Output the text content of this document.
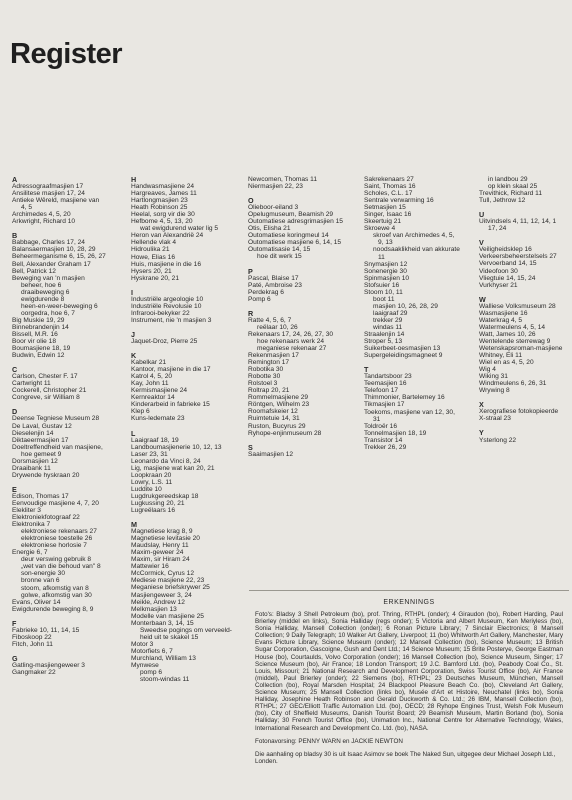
Register
A
Adressograafmasjien 17
Ansilitese masjien 17, 24
Antieke Wêreld, masjiene van
4, 5
Archimedes 4, 5, 20
Arkwright, Richard 10
B
Babbage, Charles 17, 24
Balansaermasjien 10, 28, 29
Beheermeganisme 6, 15, 26, 27
Bell, Alexander Graham 17
Bell, Patrick 12
Beweging van 'n masjien
beheer, hoe 6
draaibeweging 6
ewigdurende 8
heen-en-weer-beweging 6
oorgedra, hoe 6, 7
Big Muskie 19, 29
Binnebrandenjin 14
Bissell, M.R. 16
Boor vir olie 18
Boumasjiene 18, 19
Budwin, Edwin 12
C
Carlson, Chester F. 17
Cartwright 11
Cockerell, Christopher 21
Congreve, sir William 8
D
Deense Tegniese Museum 28
De Laval, Gustav 12
Dieselenjin 14
Diktaeermasjien 17
Doeltreffendheid van masjiene,
hoe gemeet 9
Dorsmasjien 12
Draaibank 11
Drywende hyskraan 20
E
Edison, Thomas 17
Eenvoudige masjiene 4, 7, 20
Elekliter 3
Elektroniekfotograaf 22
Elektronika 7
elektroniese rekenaars 27
elektroniese toestelle 26
elektroniese horlosie 7
Energie 6, 7
deur verswing gebruik 8
„wet van die behoud van" 8
son-energie 30
bronne van 6
stoom, afkomstig van 8
golwe, afkomstig van 30
Evans, Oliver 14
Ewigdurende beweging 8, 9
F
Fabrieke 10, 11, 14, 15
Fiboskoop 22
Fitch, John 11
G
Gatling-masjiengeweer 3
Gangmaker 22
H
Handwasmasjiene 24
Hargreaves, James 11
Hartlongmasjien 23
Heath Robinson 25
Heelal, sorg vir die 30
Hefbome 4, 5, 13, 20
wat ewigdurend water lig 5
Heron van Alexandrië 24
Hellende vlak 4
Hidroulika 21
Howe, Elias 16
Huis, masjiene in die 16
Hysers 20, 21
Hyskrane 20, 21
I
Industriële argeologie 10
Industriële Revolusie 10
Infrarooi-bekyker 22
Instrument, nie 'n masjien 3
J
Jaquet-Droz, Pierre 25
K
Kabelkar 21
Kantoor, masjiene in die 17
Katrol 4, 5, 20
Kay, John 11
Kermismasjiene 24
Kernreaktor 14
Kinderarbeid in fabrieke 15
Klep 6
Kuns-ledemate 23
L
Laaigraaf 18, 19
Landboumasjienerie 10, 12, 13
Laser 23, 31
Leonardo da Vinci 8, 24
Lig, masjiene wat kan 20, 21
Loopkraan 20
Lowry, L.S. 11
Luddite 10
Lugdrukgereedskap 18
Lugkussing 20, 21
Lugreëlaars 16
M
Magnetiese krag 8, 9
Magnetiese levitasie 20
Maudslay, Henry 11
Maxim-geweer 24
Maxim, sir Hiram 24
Mattewier 16
McCormick, Cyrus 12
Mediese masjiene 22, 23
Meganiese briefskrywer 25
Masjiengeweer 3, 24
Meikle, Andrew 12
Melkmasjien 13
Modelle van masjiene 25
Monterbaan 3, 14, 15
Sweedse pogings om verveeld-
heid uit te skakel 15
Motor 3
Motorfiets 6, 7
Murchland, William 13
Mynwese
pomp 6
stoom-windas 11
Newcomen, Thomas 11
Niermasjien 22, 23
O
Olieboor-eiland 3
Opelugmuseum, Beamish 29
Outomatiese adresgrimasjien 15
Otis, Elisha 21
Outomatiese koringmeul 14
Outomatiese masjiene 6, 14, 15
Outomatisasie 14, 15
hoe dit werk 15
P
Pascal, Blaise 17
Paté, Ambroise 23
Perdekrag 6
Pomp 6
R
Ratte 4, 5, 6, 7
reëlaar 10, 26
Rekenaars 17, 24, 26, 27, 30
hoe rekenaars werk 24
meganiese rekenaar 27
Rekenmasjien 17
Remington 17
Robotika 30
Robotte 30
Rolstoel 3
Roltrap 20, 21
Rommelmasjiene 29
Röntgen, Wilhelm 23
Roomafskeier 12
Ruimtetuie 14, 31
Ruston, Bucyrus 29
Ryhope-enjinmuseum 28
S
Saaimasjien 12
Sakrekenaars 27
Saint, Thomas 16
Scholes, C.L. 17
Sentrale verwarming 16
Setmasjien 15
Singer, Isaac 16
Skeertuig 21
Skroewe 4
skroef van Archimedes 4, 5,
9, 13
noodsaaklikheid van akkurate
11
Snymasjien 12
Sonenergie 30
Spinmasjien 10
Stofsuier 16
Stoom 10, 11
boot 11
masjien 10, 26, 28, 29
laaigraaf 29
trekker 29
windas 11
Straalenjin 14
Stroper 5, 13
Suikerbeet-oesmasjien 13
Supergeleidingsmagneet 9
T
Tandartsboor 23
Teemasjien 16
Telefoon 17
Thimmonier, Bartelemey 16
Tikmasjien 17
Toekoms, masjiene van 12, 30,
31
Toldroër 16
Tonnelmasjien 18, 19
Transistor 14
Trekker 26, 29
in landbou 29
op klein skaal 25
Trevithick, Richard 11
Tull, Jethrow 12
U
Uitvindsels 4, 11, 12, 14, 1
17, 24
V
Veiligheidsklep 16
Verkeersbeheerstelsels 27
Vervoerband 14, 15
Videofoon 30
Vliegtuie 14, 15, 24
Vurkhyser 21
W
Walliese Volksmuseum 28
Wasmasjiene 16
Waterkrag 4, 5
Watermeulens 4, 5, 14
Watt, James 10, 26
Wentelende sterrewag 9
Wetenskapsroman-masjiene
Whitney, Eli 11
Wiel en as 4, 5, 20
Wig 4
Wiking 31
Windmeulens 6, 26, 31
Wrywing 8
X
Xerografiese fotokopieerde
X-straal 23
Y
Ysterlong 22
ERKENNINGS
Foto's: Bladsy 3 Shell Petroleum (bo), prof. Thring, RTHPL (onder); 4 Giraudon (bo), Robert Harding, Paul Brierley (middel en links), Sonia Halliday (regs onder); 5 Victoria and Albert Museum, Ken Meriyless (bo), Sonia Halliday, Mansell Collection (onder); 6 Ronan Picture Library; 7 Sinclair Electronics; 8 Mansell Collection; 9 Daily Telegraph; 10 Walker Art Gallery, Liverpool; 11 (bo) Whitworth Art Gallery, Manchester, Mary Evans Picture Library, Science Museum (onder); 12 Mansell Collection (bo), Science Museum; 13 British Sugar Corporation, Gascoigne, Gush and Dent Ltd.; 14 Science Museum; 15 Brite Posterye, George Eastman House (bo), Courtaulds, Volvo Corporation (onder); 16 Mansell Collection (bo), Science Museum, Singer; 17 Science Museum (bo), Air France; 18 London Transport; 19 J.C. Bamford Ltd. (bo), Peabody Coal Co., St. Louis, Missouri; 21 National Research and Development Corporation, Swiss Tourist Office (bo), Air France (middel), Paul Brierley (onder); 22 Siemens (bo), RTHPL; 23 Deutsches Museum, München, Mansell Collection (bo), Royal Marsden Hospital; 24 Blackpool Pleasure Beach Co. (bo), Cleveland Art Gallery, Science Museum; 25 Mansell Collection (links bo), Musée d'Art et Histoire, Neuchatel (links bo), Sonia Halliday, Josephine Heath Robinson and Gerald Duckworth & Co. Ltd.; 26 IBM, Mansell Collection (bo), RTHPL; 27 GEC/Elliott Traffic Automation Ltd. (bo), OECD; 28 Ryhope Engines Trust, Welsh Folk Museum (bo), City of Sheffield Museums, Danish Tourist Board; 29 Beamish Museum, Martin Borland (bo), Sonia Halliday; 30 French Tourist Office (bo), Unimation Inc., National Centre for Alternative Technology, Wales, International Research and Development Co. Ltd. (bo), NASA.
Fotonavorsing: PENNY WARN en JACKIE NEWTON
Die aanhaling op bladsy 30 is uit Isaac Asimov se boek The Naked Sun, uitgegee deur Michael Joseph Ltd., Londen.
